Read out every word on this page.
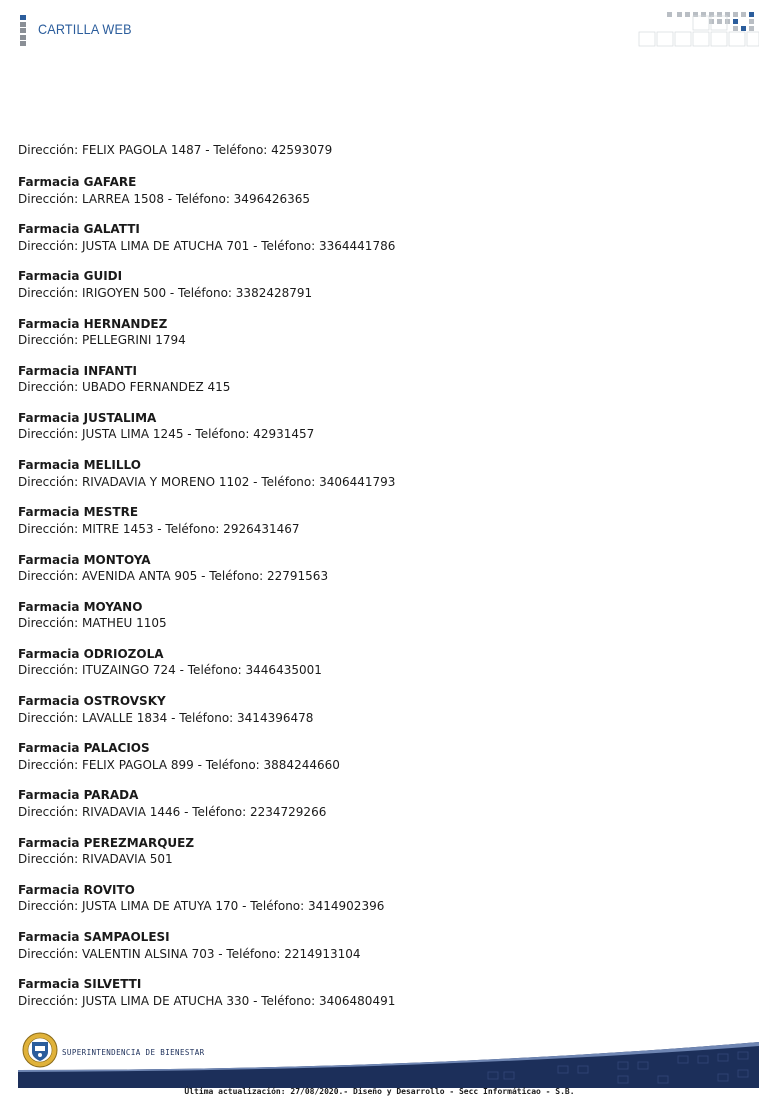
CARTILLA WEB
Dirección: FELIX PAGOLA 1487 - Teléfono: 42593079
Farmacia GAFARE
Dirección: LARREA 1508 - Teléfono: 3496426365
Farmacia GALATTI
Dirección: JUSTA LIMA DE ATUCHA 701 - Teléfono: 3364441786
Farmacia GUIDI
Dirección: IRIGOYEN 500 - Teléfono: 3382428791
Farmacia HERNANDEZ
Dirección: PELLEGRINI 1794
Farmacia INFANTI
Dirección: UBADO FERNANDEZ 415
Farmacia JUSTALIMA
Dirección: JUSTA LIMA 1245 - Teléfono: 42931457
Farmacia MELILLO
Dirección: RIVADAVIA Y MORENO 1102 - Teléfono: 3406441793
Farmacia MESTRE
Dirección: MITRE 1453 - Teléfono: 2926431467
Farmacia MONTOYA
Dirección: AVENIDA ANTA 905 - Teléfono: 22791563
Farmacia MOYANO
Dirección: MATHEU 1105
Farmacia ODRIOZOLA
Dirección: ITUZAINGO 724 - Teléfono: 3446435001
Farmacia OSTROVSKY
Dirección: LAVALLE 1834 - Teléfono: 3414396478
Farmacia PALACIOS
Dirección: FELIX PAGOLA 899 - Teléfono: 3884244660
Farmacia PARADA
Dirección: RIVADAVIA 1446 - Teléfono: 2234729266
Farmacia PEREZMARQUEZ
Dirección: RIVADAVIA 501
Farmacia ROVITO
Dirección: JUSTA LIMA DE ATUYA 170 - Teléfono: 3414902396
Farmacia SAMPAOLESI
Dirección: VALENTIN ALSINA 703 - Teléfono: 2214913104
Farmacia SILVETTI
Dirección: JUSTA LIMA DE ATUCHA 330 - Teléfono: 3406480491
SUPERINTENDENCIA DE BIENESTAR
Última actualización: 27/08/2020.- Diseño y Desarrollo - Secc Informáticao - S.B.
